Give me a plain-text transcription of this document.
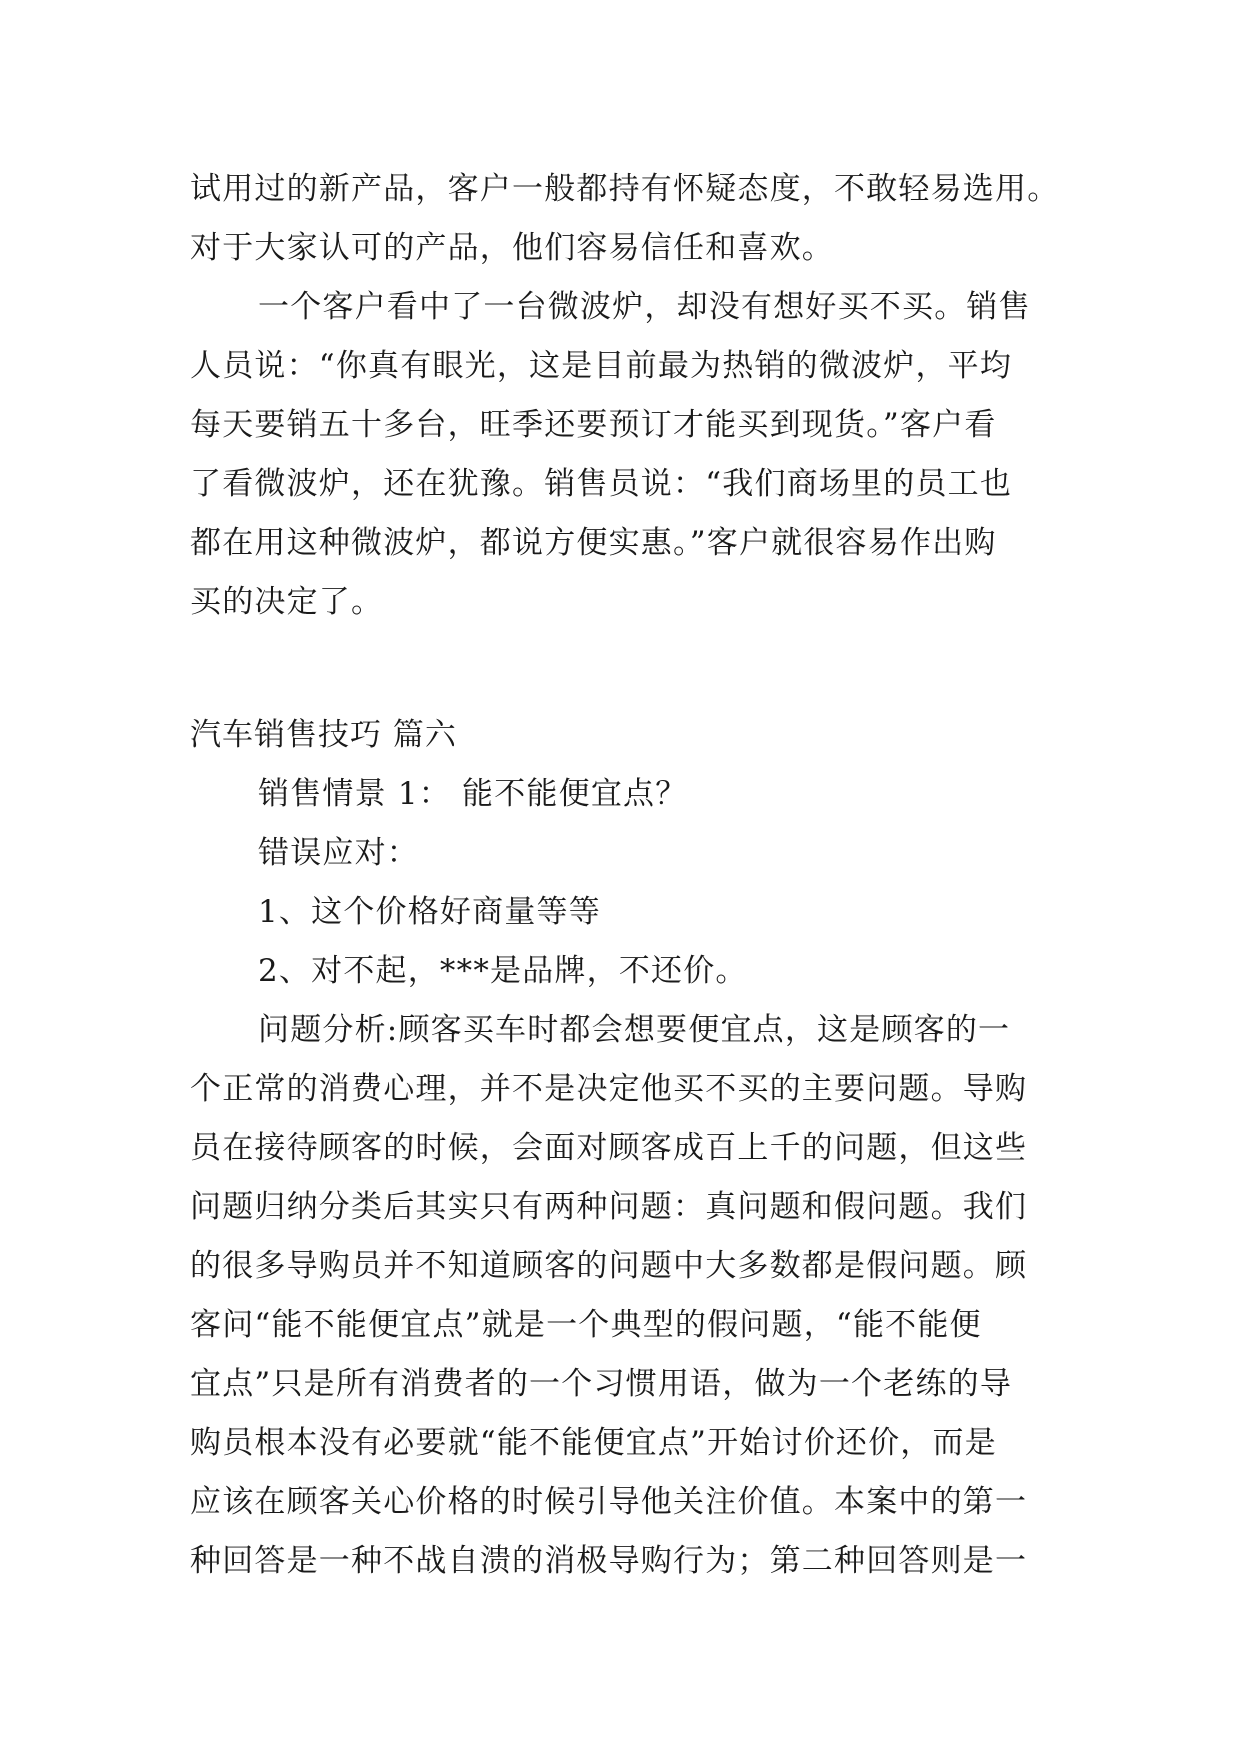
试用过的新产品，客户一般都持有怀疑态度，不敢轻易选用。
对于大家认可的产品，他们容易信任和喜欢。
一个客户看中了一台微波炉，却没有想好买不买。销售
人员说：“你真有眼光，这是目前最为热销的微波炉，平均
每天要销五十多台，旺季还要预订才能买到现货。”客户看
了看微波炉，还在犹豫。销售员说：“我们商场里的员工也
都在用这种微波炉，都说方便实惠。”客户就很容易作出购
买的决定了。
汽车销售技巧 篇六
销售情景 1： 能不能便宜点？
错误应对：
1、这个价格好商量等等
2、对不起，***是品牌，不还价。
问题分析:顾客买车时都会想要便宜点，这是顾客的一
个正常的消费心理，并不是决定他买不买的主要问题。导购
员在接待顾客的时候，会面对顾客成百上千的问题，但这些
问题归纳分类后其实只有两种问题：真问题和假问题。我们
的很多导购员并不知道顾客的问题中大多数都是假问题。顾
客问“能不能便宜点”就是一个典型的假问题，“能不能便
宜点”只是所有消费者的一个习惯用语，做为一个老练的导
购员根本没有必要就“能不能便宜点”开始讨价还价，而是
应该在顾客关心价格的时候引导他关注价值。本案中的第一
种回答是一种不战自溃的消极导购行为；第二种回答则是一
